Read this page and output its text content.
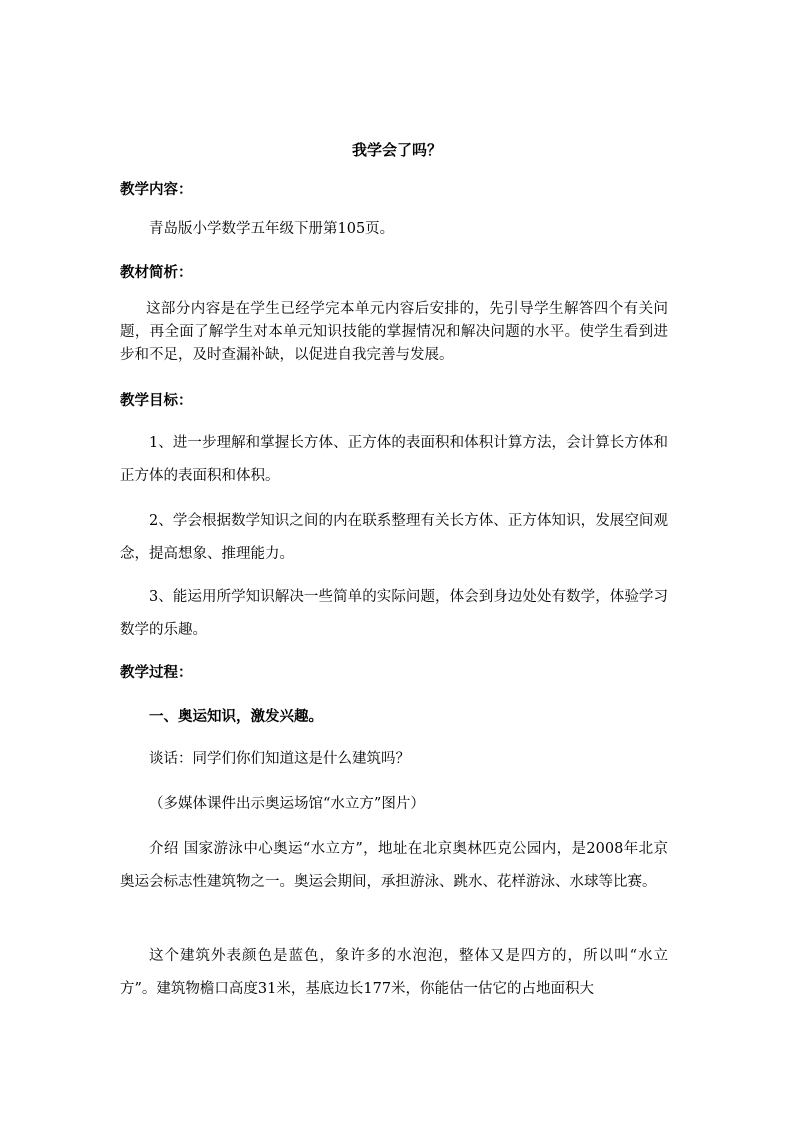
我学会了吗？

教学内容：

青岛版小学数学五年级下册第105页。

教材简析：

这部分内容是在学生已经学完本单元内容后安排的，先引导学生解答四个有关问题，再全面了解学生对本单元知识技能的掌握情况和解决问题的水平。使学生看到进步和不足，及时查漏补缺，以促进自我完善与发展。

教学目标：

1、进一步理解和掌握长方体、正方体的表面积和体积计算方法，会计算长方体和正方体的表面积和体积。

2、学会根据数学知识之间的内在联系整理有关长方体、正方体知识，发展空间观念，提高想象、推理能力。

3、能运用所学知识解决一些简单的实际问题，体会到身边处处有数学，体验学习数学的乐趣。

教学过程：

一、奥运知识，激发兴趣。

谈话：同学们你们知道这是什么建筑吗？

（多媒体课件出示奥运场馆“水立方”图片）

介绍 国家游泳中心奥运“水立方”，地址在北京奥林匹克公园内，是2008年北京奥运会标志性建筑物之一。奥运会期间，承担游泳、跳水、花样游泳、水球等比赛。

这个建筑外表颜色是蓝色，象许多的水泡泡，整体又是四方的，所以叫“水立方”。建筑物檐口高度31米，基底边长177米，你能估一估它的占地面积大
